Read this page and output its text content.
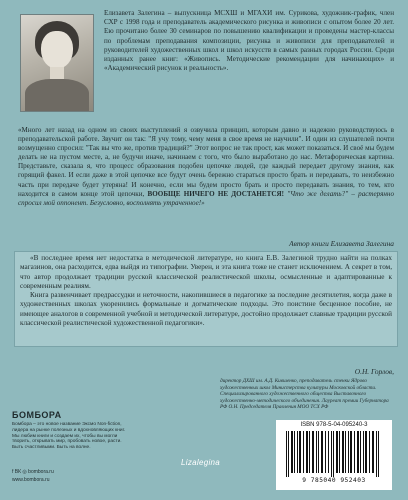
Елизавета Залегина – выпускница МСХШ и МГАХИ им. Сурикова, художник-график, член СХР с 1998 года и преподаватель академического рисунка и живописи с опытом более 20 лет. Ею прочитано более 30 семинаров по повышению квалификации и проведены мастер-классы по проблемам преподавания композиции, рисунка и живописи для преподавателей и руководителей художественных школ и школ искусств в самых разных городах России. Среди изданных ранее книг: «Живопись. Методические рекомендации для начинающих» и «Академический рисунок и реальность».

«Много лет назад на одном из своих выступлений я озвучила принцип, которым давно и надежно руководствуюсь в преподавательской работе. Звучит он так: "Я учу тому, чему меня в свое время не научили". И один из слушателей почти возмущенно спросил: "Так вы что же, против традиций?" Этот вопрос не так прост, как может показаться. И своё мы будем делать не на пустом месте, а, не будучи иначе, начинаем с того, что было выработано до нас. Метафорическая картина. Представьте, сказала я, что процесс образования подобен цепочке людей, где каждый передает другому знания, как горящий факел. И если даже в этой цепочке все будут очень бережно стараться просто брать и передавать, то неизбежно часть при передаче будет утеряна! И конечно, если мы будем просто брать и просто передавать знания, то тем, кто находится в самом конце этой цепочки, ВООБЩЕ НИЧЕГО НЕ ДОСТАНЕТСЯ! "Что же делать?" – растерянно спросил мой оппонент. Безусловно, восполнять утраченное!»

Автор книги Елизавета Залегина

«В последнее время нет недостатка в методической литературе, но книга Е.В. Залегиной трудно найти на полках магазинов, она расходится, едва выйдя из типографии. Уверен, и эта книга тоже не станет исключением. А секрет в том, что автор продолжает традиции русской классической реалистической школы, осмысленные и адаптированные к современным реалиям.

Книга развенчивает предрассудки и неточности, накопившиеся в педагогике за последние десятилетия, когда даже в художественных школах укоренились формальные и догматические подходы. Это поистине бесценное пособие, не имеющее аналогов в современной учебной и методической литературе, достойно продолжает славные традиции русской классической реалистической художественной педагогики».

О.Н. Горлов,

директор ДХШ им. А.Д. Кившенко, преподаватель стенки Ядрово художественных школ Министерства культуры Московской области. Специализированного художественного общества Выставочного художественно-методического объединения. Лауреат премии Губернатора РФ О.Н. Председателя Правления МОО ТСХ РФ

БОМБОРА

Бомбора – это новое название Эксмо Non-fiction, лидера на рынке полезных и вдохновляющих книг. Мы любим книги и создаем их, чтобы вы могли творить, открывать мир, пробовать новое, расти. Быть счастливыми. Быть на волне.

f ВК ◎ bombora.ru
www.bombora.ru
Lizalegina
ISBN 978-5-04-095240-3
9 785040 952403
